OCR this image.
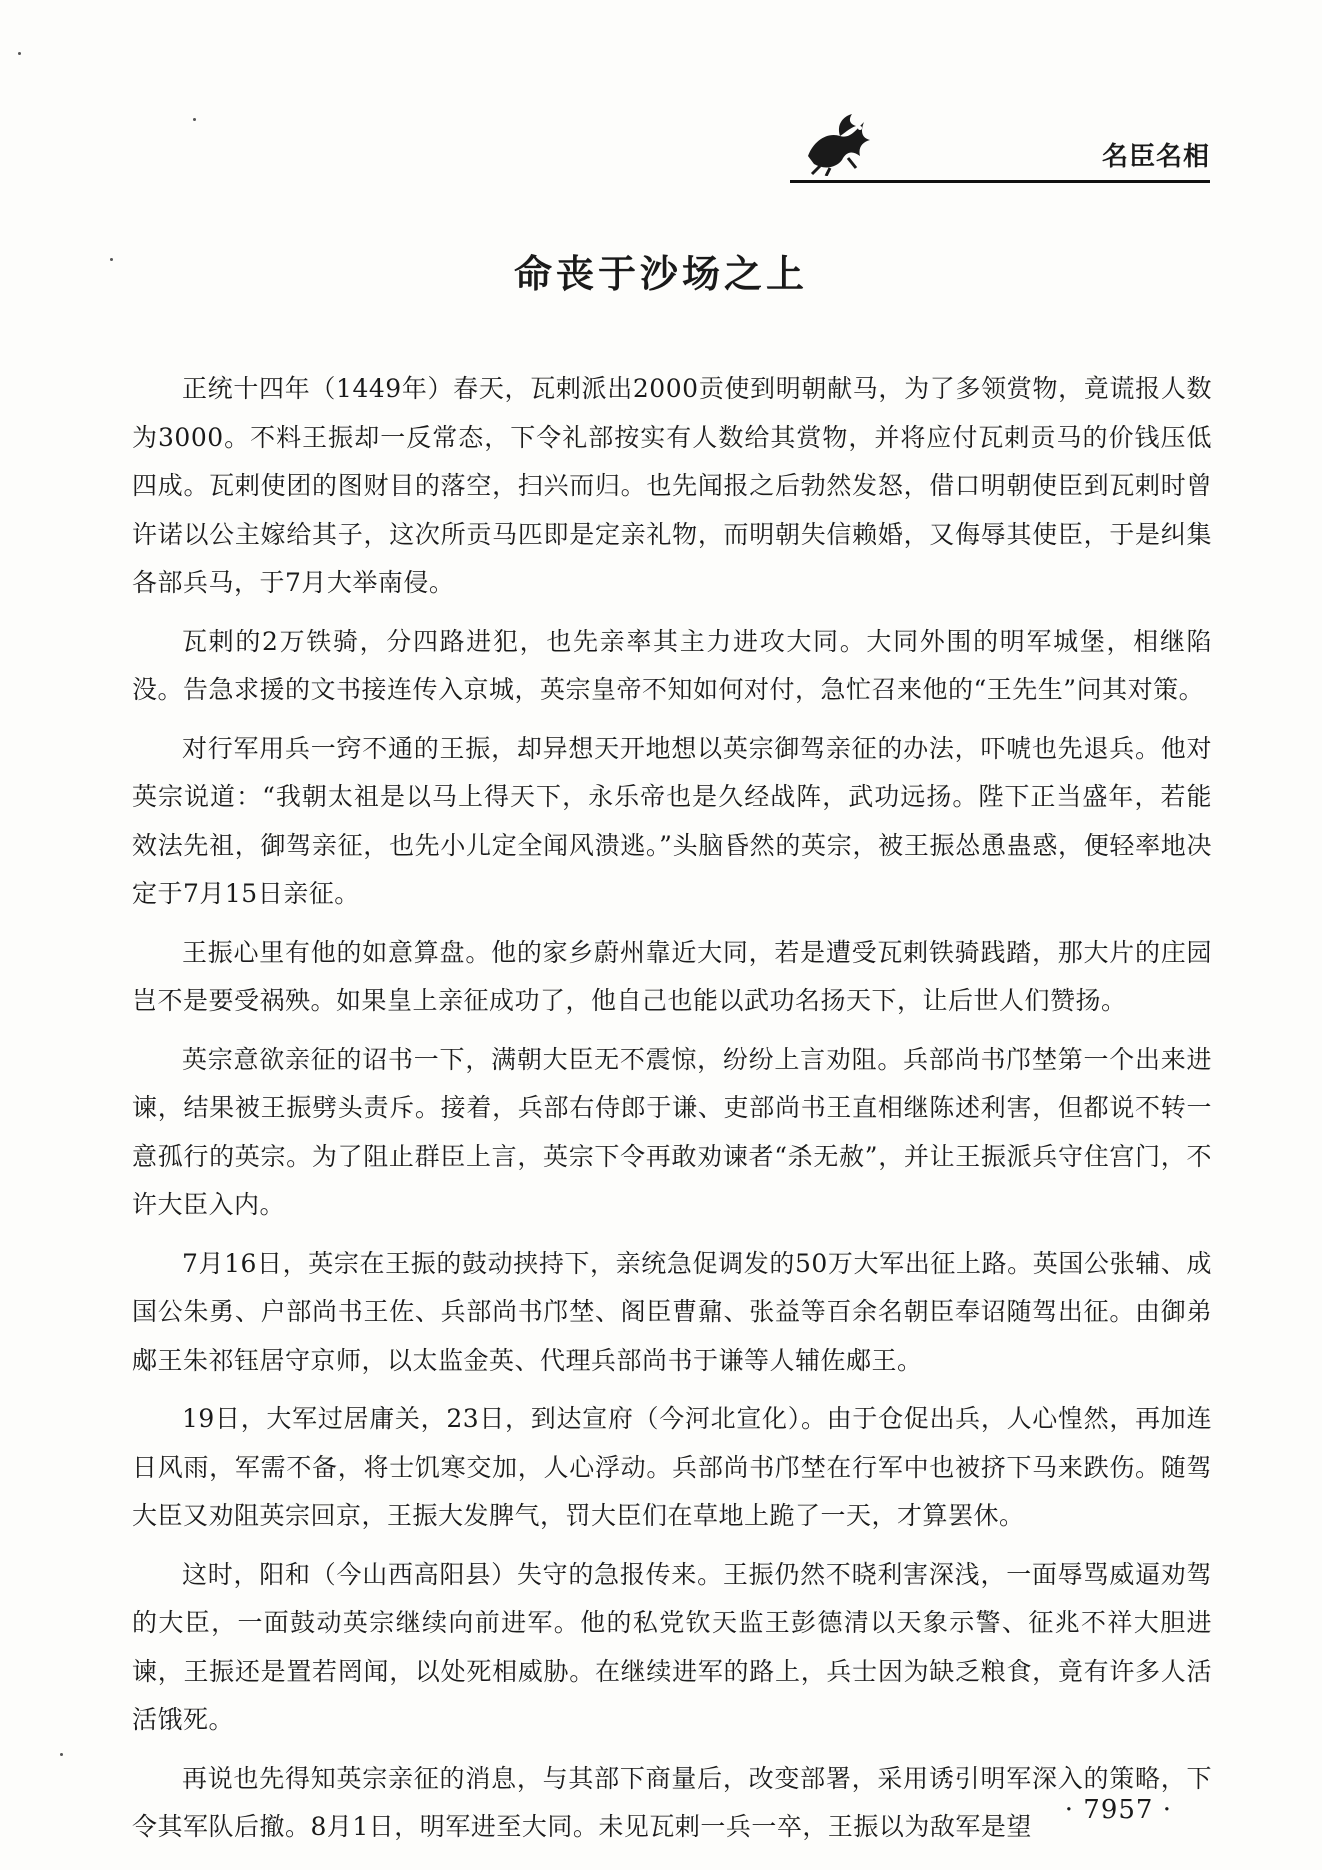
名臣名相
命丧于沙场之上

正统十四年（1449年）春天，瓦剌派出2000贡使到明朝献马，为了多领赏物，竟谎报人数为3000。不料王振却一反常态，下令礼部按实有人数给其赏物，并将应付瓦剌贡马的价钱压低四成。瓦剌使团的图财目的落空，扫兴而归。也先闻报之后勃然发怒，借口明朝使臣到瓦剌时曾许诺以公主嫁给其子，这次所贡马匹即是定亲礼物，而明朝失信赖婚，又侮辱其使臣，于是纠集各部兵马，于7月大举南侵。

瓦剌的2万铁骑，分四路进犯，也先亲率其主力进攻大同。大同外围的明军城堡，相继陷没。告急求援的文书接连传入京城，英宗皇帝不知如何对付，急忙召来他的“王先生”问其对策。

对行军用兵一窍不通的王振，却异想天开地想以英宗御驾亲征的办法，吓唬也先退兵。他对英宗说道：“我朝太祖是以马上得天下，永乐帝也是久经战阵，武功远扬。陛下正当盛年，若能效法先祖，御驾亲征，也先小儿定全闻风溃逃。”头脑昏然的英宗，被王振怂恿蛊惑，便轻率地决定于7月15日亲征。

王振心里有他的如意算盘。他的家乡蔚州靠近大同，若是遭受瓦剌铁骑践踏，那大片的庄园岂不是要受祸殃。如果皇上亲征成功了，他自己也能以武功名扬天下，让后世人们赞扬。

英宗意欲亲征的诏书一下，满朝大臣无不震惊，纷纷上言劝阻。兵部尚书邝埜第一个出来进谏，结果被王振劈头责斥。接着，兵部右侍郎于谦、吏部尚书王直相继陈述利害，但都说不转一意孤行的英宗。为了阻止群臣上言，英宗下令再敢劝谏者“杀无赦”，并让王振派兵守住宫门，不许大臣入内。

7月16日，英宗在王振的鼓动挟持下，亲统急促调发的50万大军出征上路。英国公张辅、成国公朱勇、户部尚书王佐、兵部尚书邝埜、阁臣曹鼐、张益等百余名朝臣奉诏随驾出征。由御弟郕王朱祁钰居守京师，以太监金英、代理兵部尚书于谦等人辅佐郕王。

19日，大军过居庸关，23日，到达宣府（今河北宣化）。由于仓促出兵，人心惶然，再加连日风雨，军需不备，将士饥寒交加，人心浮动。兵部尚书邝埜在行军中也被挤下马来跌伤。随驾大臣又劝阻英宗回京，王振大发脾气，罚大臣们在草地上跪了一天，才算罢休。

这时，阳和（今山西高阳县）失守的急报传来。王振仍然不晓利害深浅，一面辱骂威逼劝驾的大臣，一面鼓动英宗继续向前进军。他的私党钦天监王彭德清以天象示警、征兆不祥大胆进谏，王振还是置若罔闻，以处死相威胁。在继续进军的路上，兵士因为缺乏粮食，竟有许多人活活饿死。

再说也先得知英宗亲征的消息，与其部下商量后，改变部署，采用诱引明军深入的策略，下令其军队后撤。8月1日，明军进至大同。未见瓦剌一兵一卒，王振以为敌军是望

· 7957 ·
